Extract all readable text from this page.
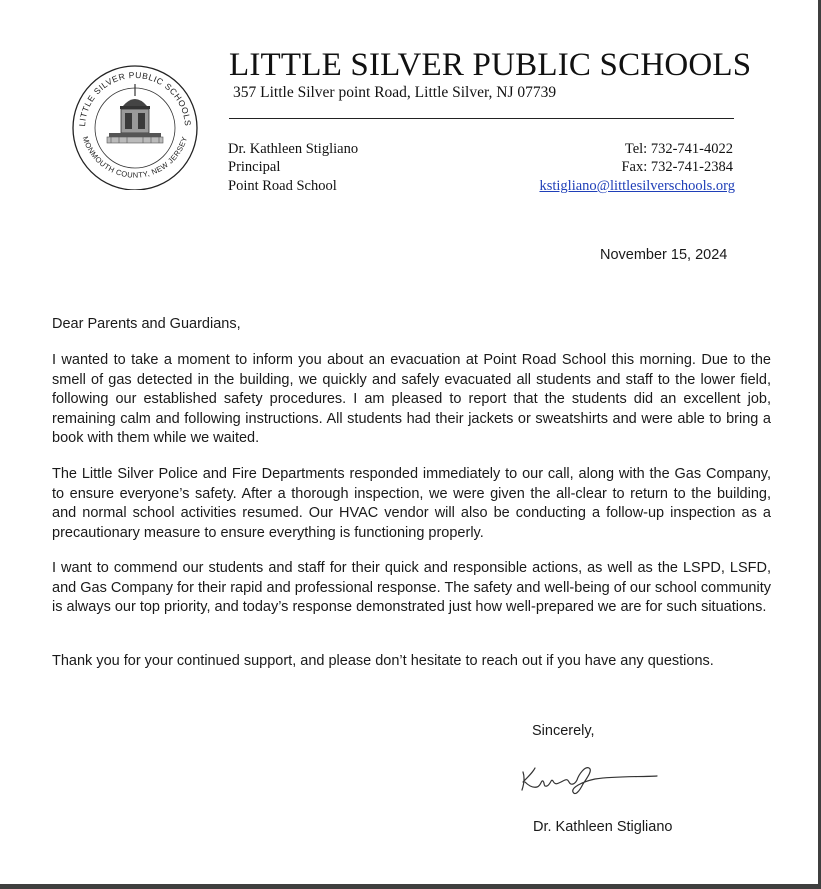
LITTLE SILVER PUBLIC SCHOOLS
MONMOUTH COUNTY, NEW JERSEY
LITTLE SILVER PUBLIC SCHOOLS
357 Little Silver point Road, Little Silver, NJ 07739
Dr. Kathleen Stigliano
Principal
Point Road School
Tel: 732-741-4022
Fax: 732-741-2384
kstigliano@littlesilverschools.org
November 15, 2024
Dear Parents and Guardians,
I wanted to take a moment to inform you about an evacuation at Point Road School this morning. Due to the smell of gas detected in the building, we quickly and safely evacuated all students and staff to the lower field, following our established safety procedures. I am pleased to report that the students did an excellent job, remaining calm and following instructions. All students had their jackets or sweatshirts and were able to bring a book with them while we waited.
The Little Silver Police and Fire Departments responded immediately to our call, along with the Gas Company, to ensure everyone’s safety. After a thorough inspection, we were given the all-clear to return to the building, and normal school activities resumed. Our HVAC vendor will also be conducting a follow-up inspection as a precautionary measure to ensure everything is functioning properly.
I want to commend our students and staff for their quick and responsible actions, as well as the LSPD, LSFD, and Gas Company for their rapid and professional response. The safety and well-being of our school community is always our top priority, and today’s response demonstrated just how well-prepared we are for such situations.
Thank you for your continued support, and please don’t hesitate to reach out if you have any questions.
Sincerely,
Dr. Kathleen Stigliano
